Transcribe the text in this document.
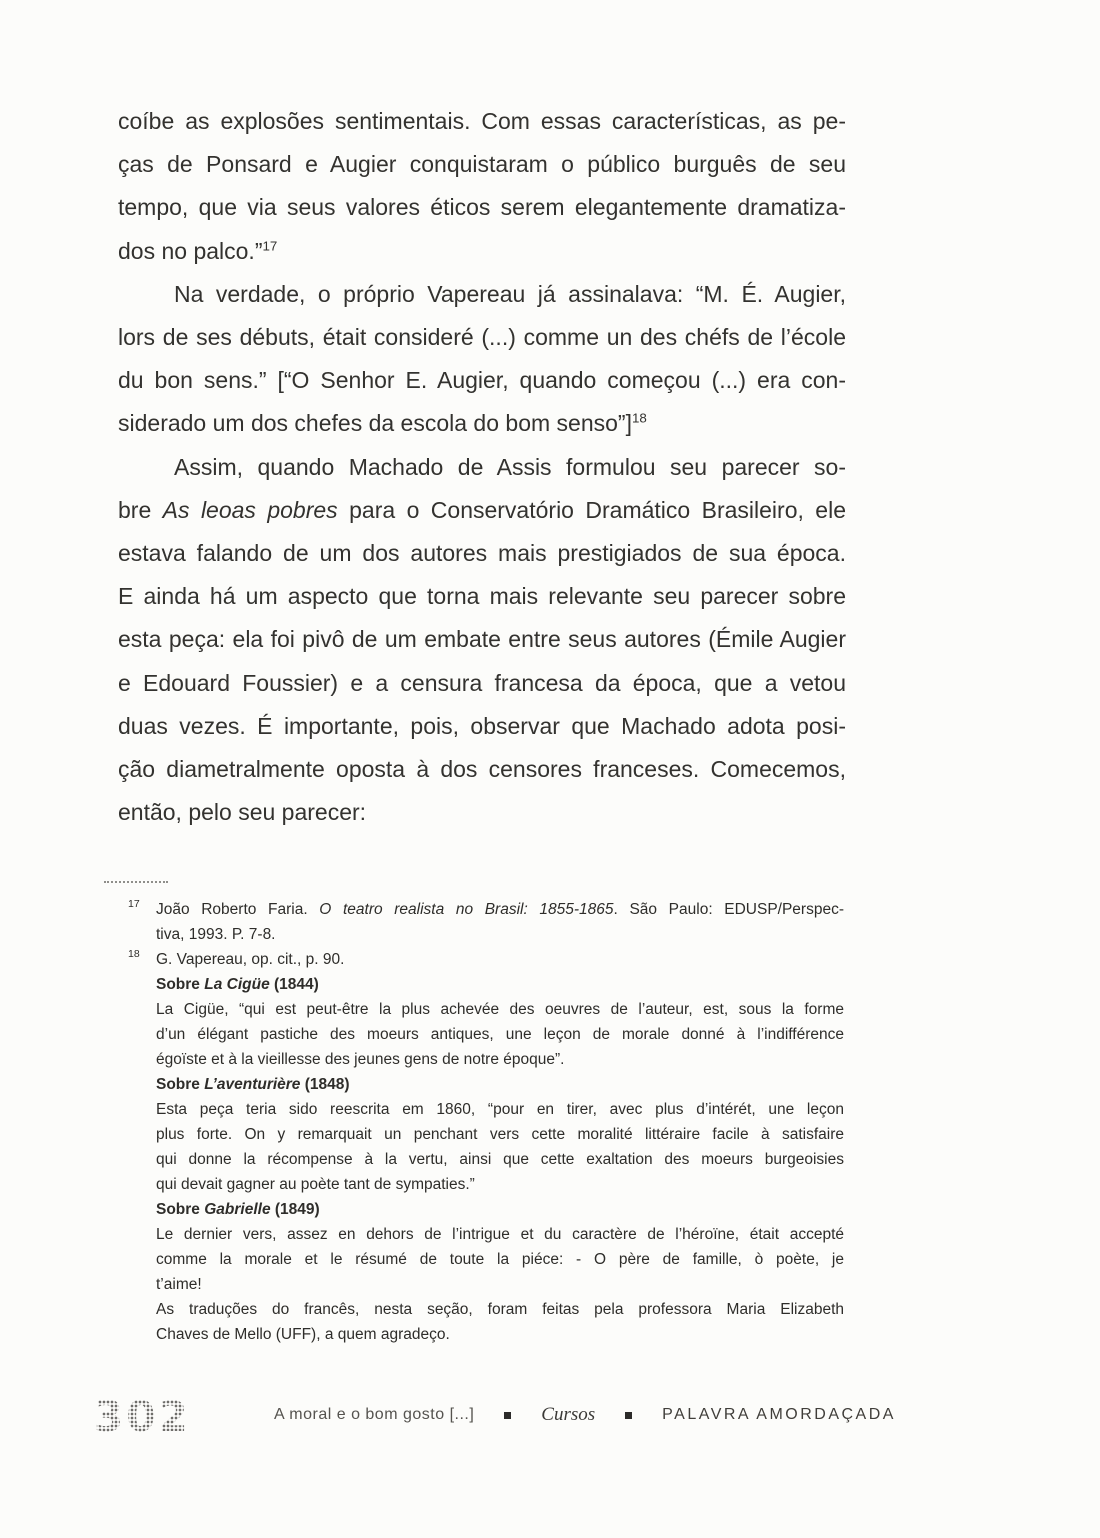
coíbe as explosões sentimentais. Com essas características, as pe-
ças de Ponsard e Augier conquistaram o público burguês de seu
tempo, que via seus valores éticos serem elegantemente dramatiza-
dos no palco.”$^{17}$
Na verdade, o próprio Vapereau já assinalava: “M. É. Augier,
lors de ses débuts, était consideré (...) comme un des chéfs de l’école
du bon sens.” [“O Senhor E. Augier, quando começou (...) era con-
siderado um dos chefes da escola do bom senso”]$^{18}$
Assim, quando Machado de Assis formulou seu parecer so-
bre As leoas pobres para o Conservatório Dramático Brasileiro, ele
estava falando de um dos autores mais prestigiados de sua época.
E ainda há um aspecto que torna mais relevante seu parecer sobre
esta peça: ela foi pivô de um embate entre seus autores (Émile Augier
e Edouard Foussier) e a censura francesa da época, que a vetou
duas vezes. É importante, pois, observar que Machado adota posi-
ção diametralmente oposta à dos censores franceses. Comecemos,
então, pelo seu parecer:
17 João Roberto Faria. O teatro realista no Brasil: 1855-1865. São Paulo: EDUSP/Perspec-
tiva, 1993. P. 7-8.
18 G. Vapereau, op. cit., p. 90.
Sobre La Cigüe (1844)
La Cigüe, “qui est peut-être la plus achevée des oeuvres de l’auteur, est, sous la forme
d’un élégant pastiche des moeurs antiques, une leçon de morale donné à l’indifférence
égoïste et à la vieillesse des jeunes gens de notre époque”.
Sobre L’aventurière (1848)
Esta peça teria sido reescrita em 1860, “pour en tirer, avec plus d’intérét, une leçon
plus forte. On y remarquait un penchant vers cette moralité littéraire facile à satisfaire
qui donne la récompense à la vertu, ainsi que cette exaltation des moeurs burgeoisies
qui devait gagner au poète tant de sympaties.”
Sobre Gabrielle (1849)
Le dernier vers, assez en dehors de l’intrigue et du caractère de l’héroïne, était accepté
comme la morale et le résumé de toute la piéce: - O père de famille, ò poète, je
t’aime!
As traduções do francês, nesta seção, foram feitas pela professora Maria Elizabeth
Chaves de Mello (UFF), a quem agradeço.
302	A moral e o bom gosto [...]	Cursos	PALAVRA AMORDAÇADA
